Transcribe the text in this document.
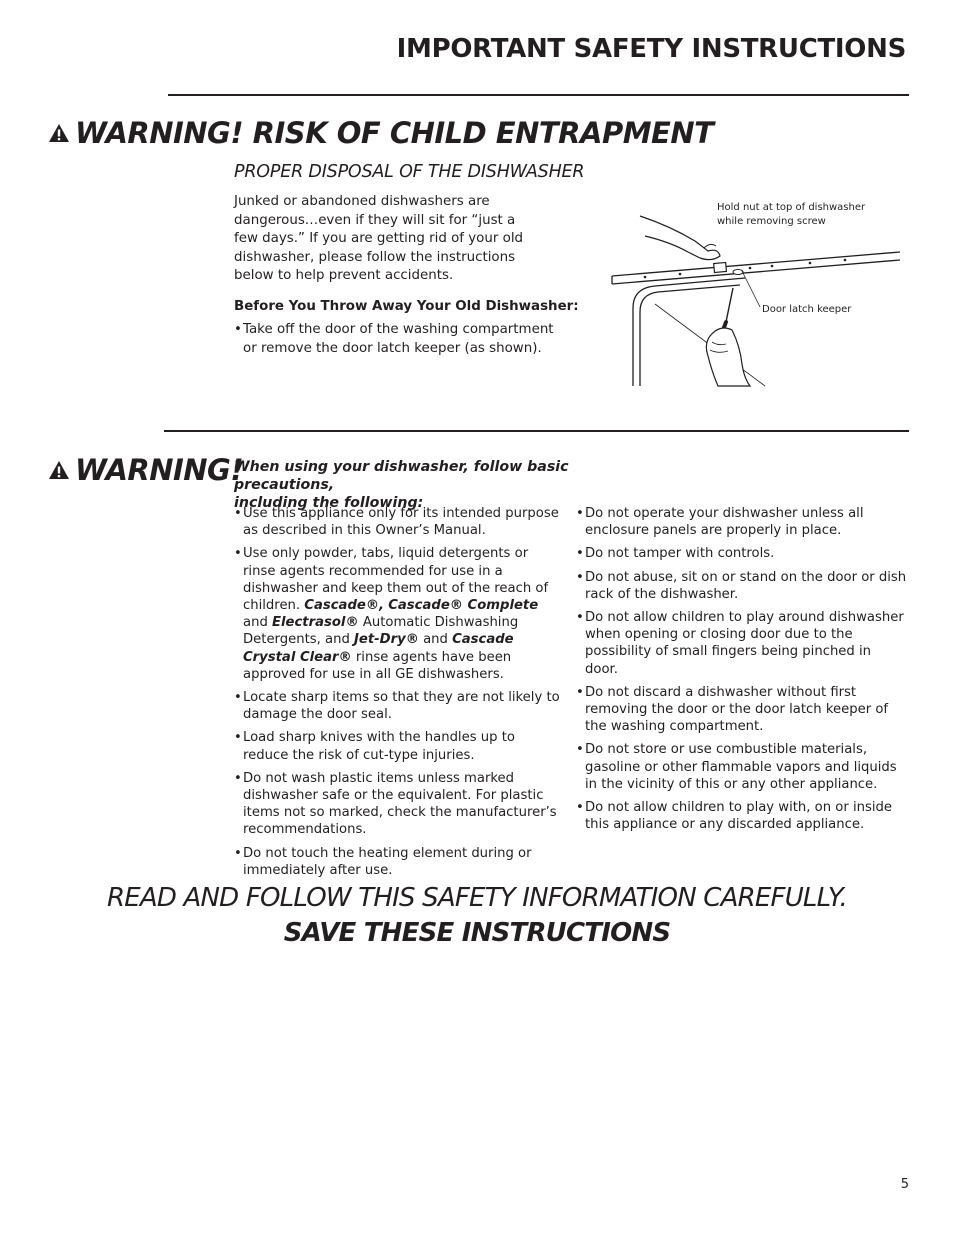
IMPORTANT SAFETY INSTRUCTIONS
WARNING! RISK OF CHILD ENTRAPMENT
PROPER DISPOSAL OF THE DISHWASHER
Junked or abandoned dishwashers are
dangerous…even if they will sit for “just a
few days.” If you are getting rid of your old
dishwasher, please follow the instructions
below to help prevent accidents.
Before You Throw Away Your Old Dishwasher:
• Take off the door of the washing compartment
or remove the door latch keeper (as shown).
Hold nut at top of dishwasher
while removing screw
Door latch keeper
WARNING!
When using your dishwasher, follow basic precautions,
including the following:
• Use this appliance only for its intended purpose as described in this Owner’s Manual.
• Use only powder, tabs, liquid detergents or rinse agents recommended for use in a dishwasher and keep them out of the reach of children. Cascade®, Cascade® Complete and Electrasol® Automatic Dishwashing Detergents, and Jet-Dry® and Cascade Crystal Clear® rinse agents have been approved for use in all GE dishwashers.
• Locate sharp items so that they are not likely to damage the door seal.
• Load sharp knives with the handles up to reduce the risk of cut-type injuries.
• Do not wash plastic items unless marked dishwasher safe or the equivalent. For plastic items not so marked, check the manufacturer’s recommendations.
• Do not touch the heating element during or immediately after use.
• Do not operate your dishwasher unless all enclosure panels are properly in place.
• Do not tamper with controls.
• Do not abuse, sit on or stand on the door or dish rack of the dishwasher.
• Do not allow children to play around dishwasher when opening or closing door due to the possibility of small fingers being pinched in door.
• Do not discard a dishwasher without first removing the door or the door latch keeper of the washing compartment.
• Do not store or use combustible materials, gasoline or other flammable vapors and liquids in the vicinity of this or any other appliance.
• Do not allow children to play with, on or inside this appliance or any discarded appliance.
READ AND FOLLOW THIS SAFETY INFORMATION CAREFULLY.
SAVE THESE INSTRUCTIONS
5
